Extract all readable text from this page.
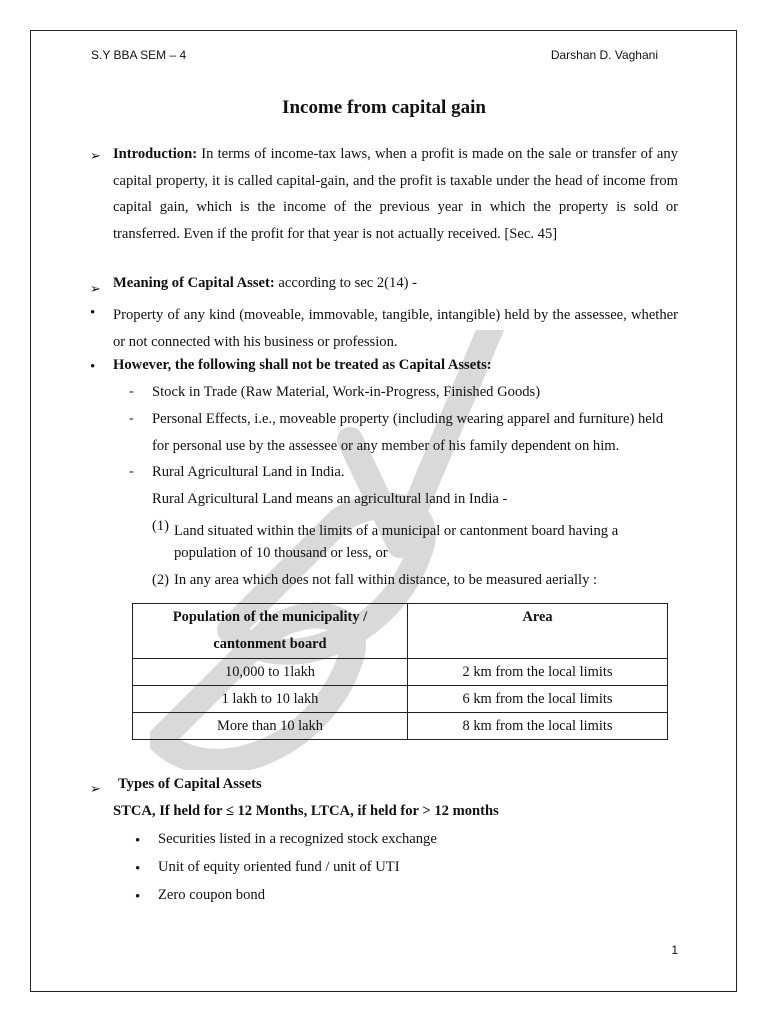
S.Y BBA SEM – 4	Darshan D. Vaghani
Income from capital gain
➢ Introduction: In terms of income-tax laws, when a profit is made on the sale or transfer of any capital property, it is called capital-gain, and the profit is taxable under the head of income from capital gain, which is the income of the previous year in which the property is sold or transferred. Even if the profit for that year is not actually received. [Sec. 45]
➢ Meaning of Capital Asset: according to sec 2(14) -
• Property of any kind (moveable, immovable, tangible, intangible) held by the assessee, whether or not connected with his business or profession.
• However, the following shall not be treated as Capital Assets:
- Stock in Trade (Raw Material, Work-in-Progress, Finished Goods)
- Personal Effects, i.e., moveable property (including wearing apparel and furniture) held
for personal use by the assessee or any member of his family dependent on him.
- Rural Agricultural Land in India.
Rural Agricultural Land means an agricultural land in India -
(1) Land situated within the limits of a municipal or cantonment board having a
population of 10 thousand or less, or
(2) In any area which does not fall within distance, to be measured aerially :
Population of the municipality / cantonment board	Area
10,000 to 1lakh	2 km from the local limits
1 lakh to 10 lakh	6 km from the local limits
More than 10 lakh	8 km from the local limits
➢ Types of Capital Assets
STCA, If held for ≤ 12 Months, LTCA, if held for > 12 months
• Securities listed in a recognized stock exchange
• Unit of equity oriented fund / unit of UTI
• Zero coupon bond
1
